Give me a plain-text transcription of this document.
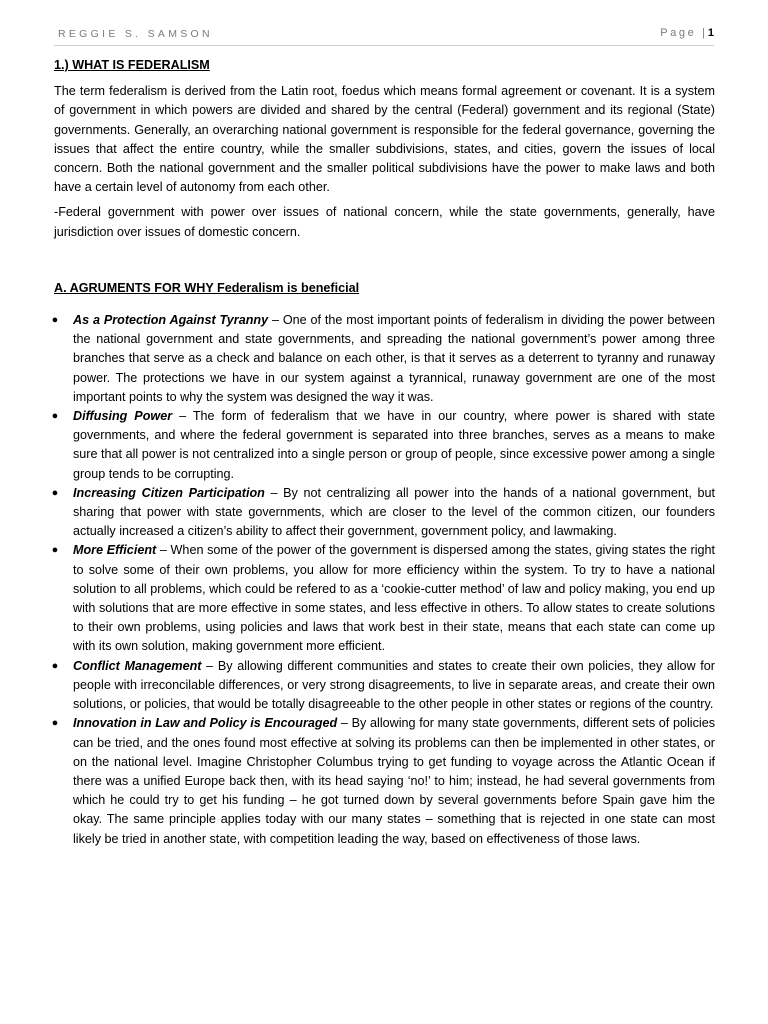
REGGIE S. SAMSON	Page | 1

1.) WHAT IS FEDERALISM

The term federalism is derived from the Latin root, foedus which means formal agreement or covenant. It is a system of government in which powers are divided and shared by the central (Federal) government and its regional (State) governments. Generally, an overarching national government is responsible for the federal governance, governing the issues that affect the entire country, while the smaller subdivisions, states, and cities, govern the issues of local concern. Both the national government and the smaller political subdivisions have the power to make laws and both have a certain level of autonomy from each other.

-Federal government with power over issues of national concern, while the state governments, generally, have jurisdiction over issues of domestic concern.

A. AGRUMENTS FOR WHY Federalism is beneficial

● As a Protection Against Tyranny – One of the most important points of federalism in dividing the power between the national government and state governments, and spreading the national government’s power among three branches that serve as a check and balance on each other, is that it serves as a deterrent to tyranny and runaway power. The protections we have in our system against a tyrannical, runaway government are one of the most important points to why the system was designed the way it was.
● Diffusing Power – The form of federalism that we have in our country, where power is shared with state governments, and where the federal government is separated into three branches, serves as a means to make sure that all power is not centralized into a single person or group of people, since excessive power among a single group tends to be corrupting.
● Increasing Citizen Participation – By not centralizing all power into the hands of a national government, but sharing that power with state governments, which are closer to the level of the common citizen, our founders actually increased a citizen’s ability to affect their government, government policy, and lawmaking.
● More Efficient – When some of the power of the government is dispersed among the states, giving states the right to solve some of their own problems, you allow for more efficiency within the system. To try to have a national solution to all problems, which could be refered to as a ‘cookie-cutter method’ of law and policy making, you end up with solutions that are more effective in some states, and less effective in others. To allow states to create solutions to their own problems, using policies and laws that work best in their state, means that each state can come up with its own solution, making government more efficient.
● Conflict Management – By allowing different communities and states to create their own policies, they allow for people with irreconcilable differences, or very strong disagreements, to live in separate areas, and create their own solutions, or policies, that would be totally disagreeable to the other people in other states or regions of the country.
● Innovation in Law and Policy is Encouraged – By allowing for many state governments, different sets of policies can be tried, and the ones found most effective at solving its problems can then be implemented in other states, or on the national level. Imagine Christopher Columbus trying to get funding to voyage across the Atlantic Ocean if there was a unified Europe back then, with its head saying ‘no!’ to him; instead, he had several governments from which he could try to get his funding – he got turned down by several governments before Spain gave him the okay. The same principle applies today with our many states – something that is rejected in one state can most likely be tried in another state, with competition leading the way, based on effectiveness of those laws.
